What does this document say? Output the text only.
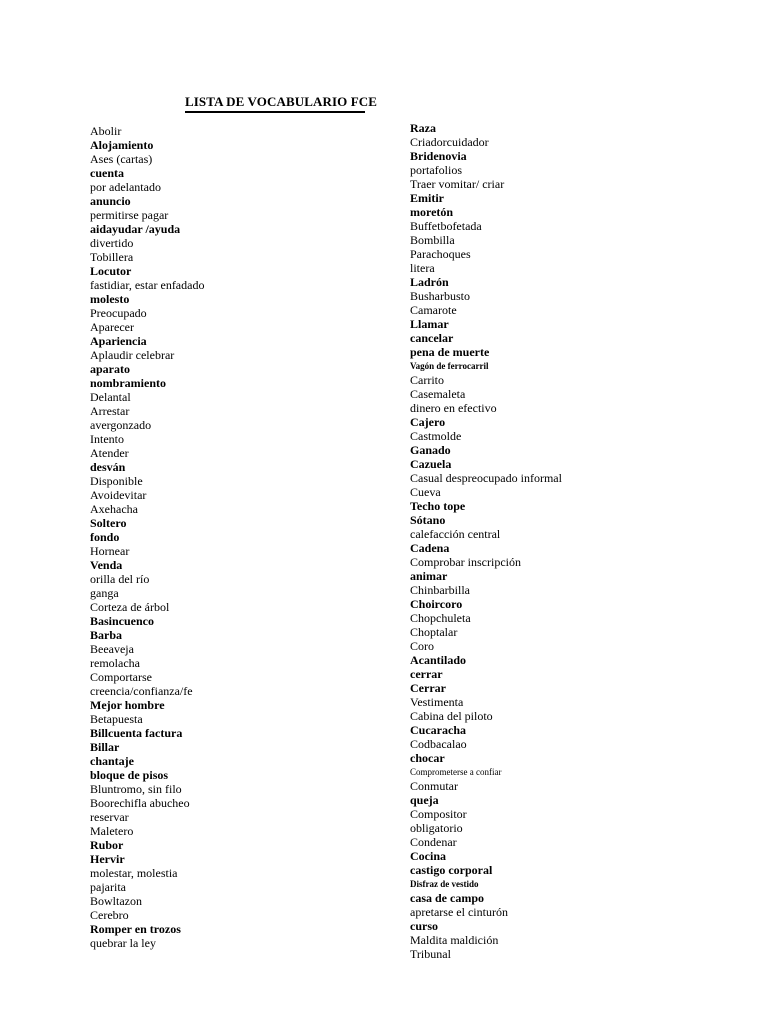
LISTA DE VOCABULARIO FCE
Abolir
Alojamiento
Ases (cartas)
cuenta
por adelantado
anuncio
permitirse pagar
aidayudar /ayuda
divertido
Tobillera
Locutor
fastidiar, estar enfadado
molesto
Preocupado
Aparecer
Apariencia
Aplaudir celebrar
aparato
nombramiento
Delantal
Arrestar
avergonzado
Intento
Atender
desván
Disponible
Avoidevitar
Axehacha
Soltero
fondo
Hornear
Venda
orilla del río
ganga
Corteza de árbol
Basincuenco
Barba
Beeaveja
remolacha
Comportarse
creencia/confianza/fe
Mejor hombre
Betapuesta
Billcuenta factura
Billar
chantaje
bloque de pisos
Bluntromo, sin filo
Boorechifla abucheo
reservar
Maletero
Rubor
Hervir
molestar, molestia
pajarita
Bowltazon
Cerebro
Romper en trozos
quebrar la ley
Raza
Criadorcuidador
Bridenovia
portafolios
Traer vomitar/ criar
Emitir
moretón
Buffetbofetada
Bombilla
Parachoques
litera
Ladrón
Busharbusto
Camarote
Llamar
cancelar
pena de muerte
Vagón de ferrocarril
Carrito
Casemaleta
dinero en efectivo
Cajero
Castmolde
Ganado
Cazuela
Casual despreocupado informal
Cueva
Techo tope
Sótano
calefacción central
Cadena
Comprobar inscripción
animar
Chinbarbilla
Choircoro
Chopchuleta
Choptalar
Coro
Acantilado
cerrar
Cerrar
Vestimenta
Cabina del piloto
Cucaracha
Codbacalao
chocar
Comprometerse a confiar
Conmutar
queja
Compositor
obligatorio
Condenar
Cocina
castigo corporal
Disfraz de vestido
casa de campo
apretarse el cinturón
curso
Maldita maldición
Tribunal
